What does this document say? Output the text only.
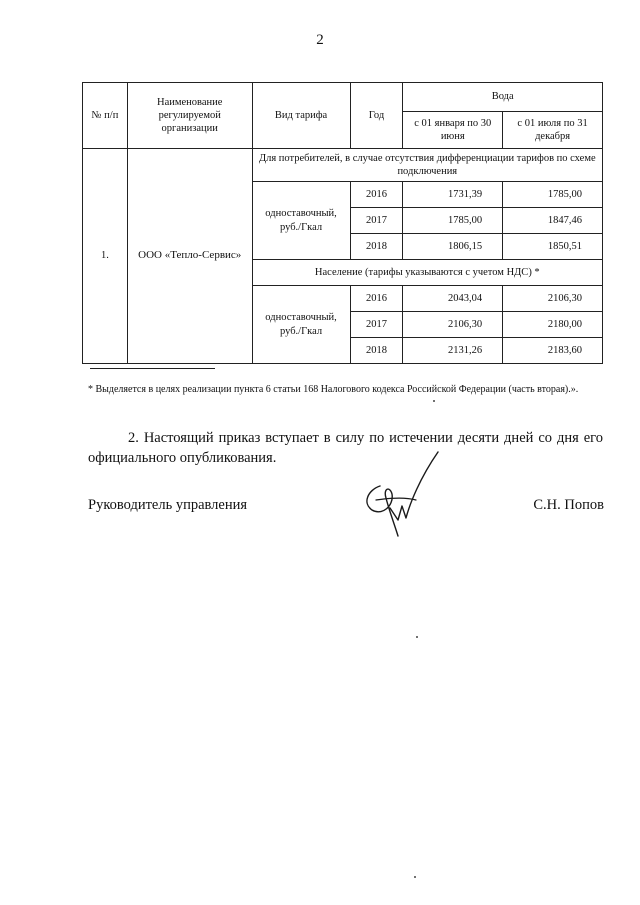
2
№ п/п	Наименование регулируемой организации	Вид тарифа	Год	Вода	
				с 01 января по 30 июня	с 01 июля по 31 декабря
1.	ООО «Тепло-Сервис»	Для потребителей, в случае отсутствия дифференциации тарифов по схеме подключения			
		одноставочный, руб./Гкал	2016	1731,39	1785,00
			2017	1785,00	1847,46
			2018	1806,15	1850,51
		Население (тарифы указываются с учетом НДС) *			
		одноставочный, руб./Гкал	2016	2043,04	2106,30
			2017	2106,30	2180,00
			2018	2131,26	2183,60
* Выделяется в целях реализации пункта 6 статьи 168 Налогового кодекса Российской Федерации (часть вторая).».
2. Настоящий приказ вступает в силу по истечении десяти дней со дня его официального опубликования.
Руководитель управления	С.Н. Попов
